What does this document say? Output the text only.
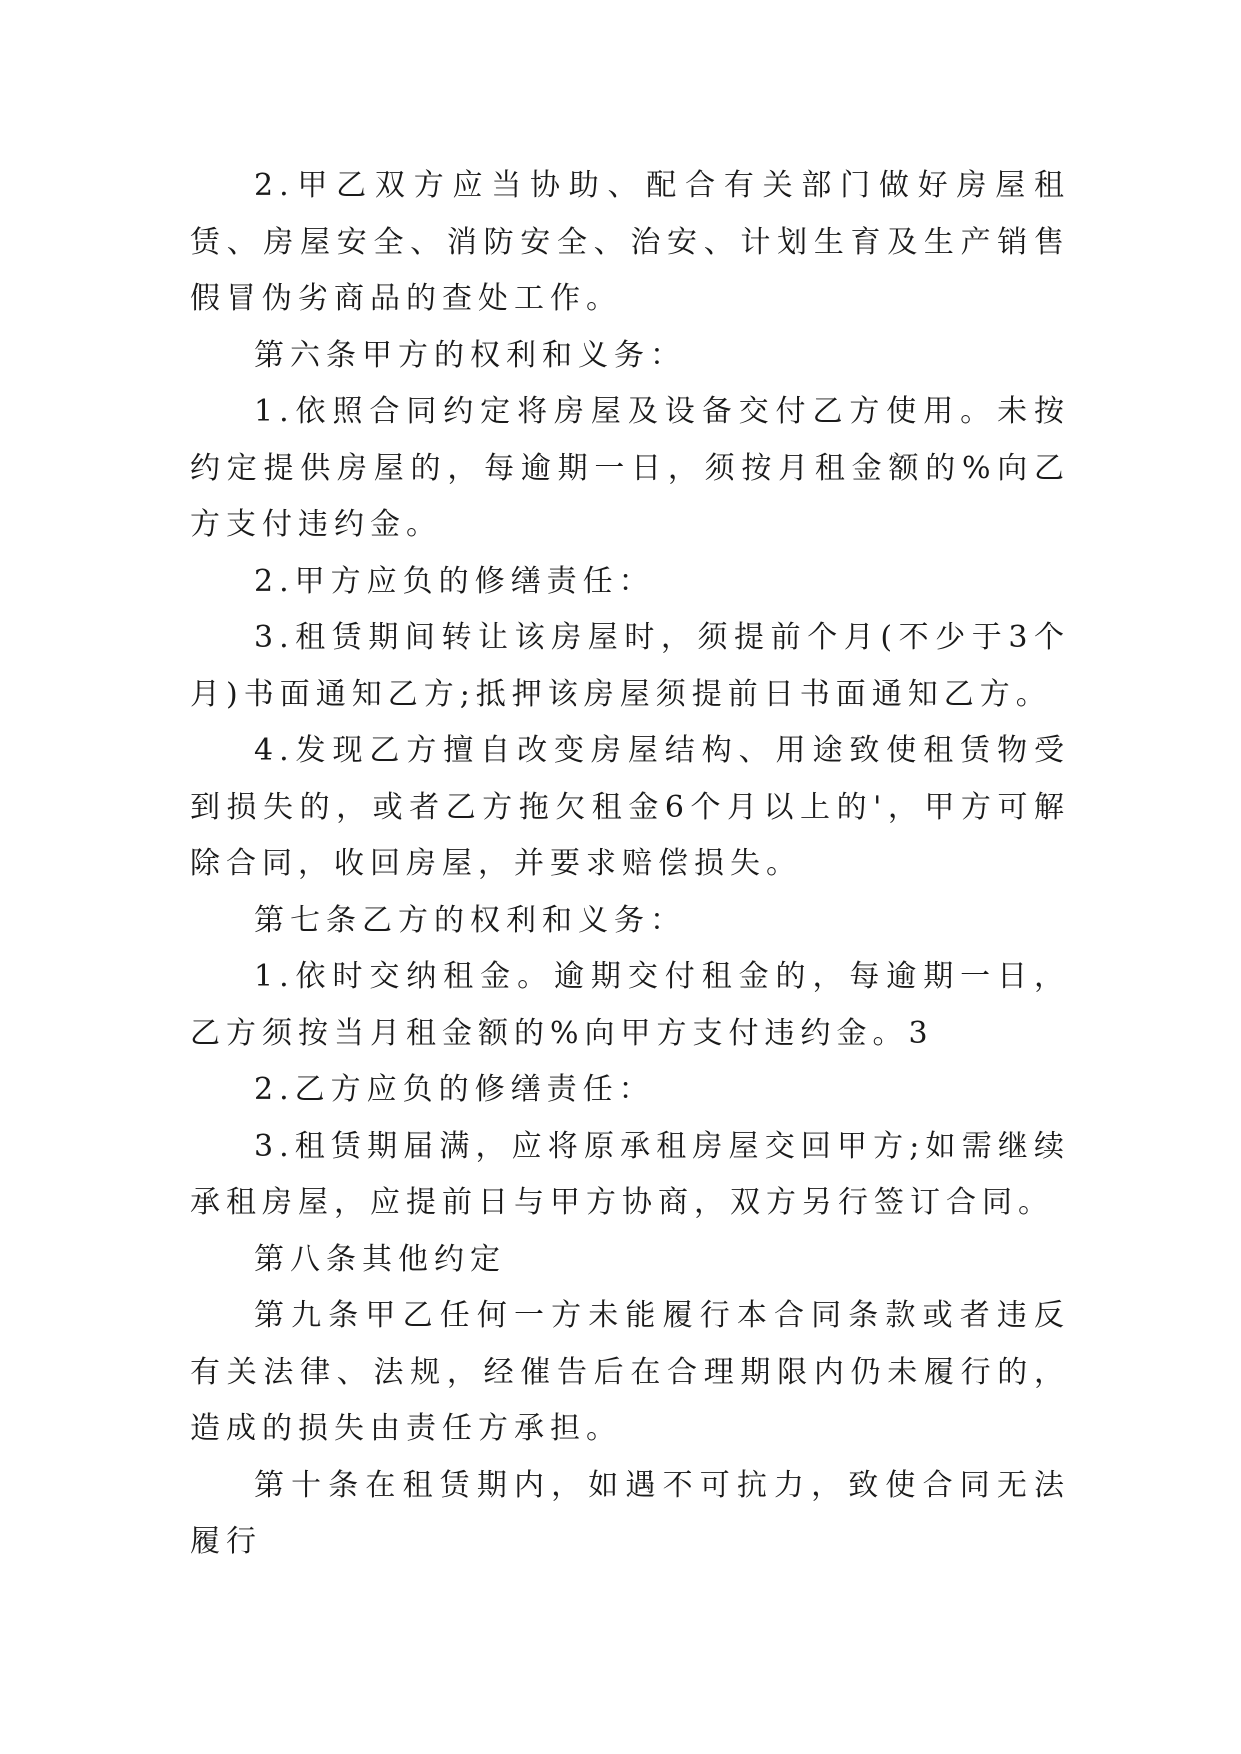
2.甲乙双方应当协助、配合有关部门做好房屋租赁、房屋安全、消防安全、治安、计划生育及生产销售假冒伪劣商品的查处工作。

第六条甲方的权利和义务：

1.依照合同约定将房屋及设备交付乙方使用。未按约定提供房屋的，每逾期一日，须按月租金额的%向乙方支付违约金。

2.甲方应负的修缮责任：

3.租赁期间转让该房屋时，须提前个月(不少于3个月)书面通知乙方;抵押该房屋须提前日书面通知乙方。

4.发现乙方擅自改变房屋结构、用途致使租赁物受到损失的，或者乙方拖欠租金6个月以上的'，甲方可解除合同，收回房屋，并要求赔偿损失。

第七条乙方的权利和义务：

1.依时交纳租金。逾期交付租金的，每逾期一日，乙方须按当月租金额的%向甲方支付违约金。3

2.乙方应负的修缮责任：

3.租赁期届满，应将原承租房屋交回甲方;如需继续承租房屋，应提前日与甲方协商，双方另行签订合同。

第八条其他约定

第九条甲乙任何一方未能履行本合同条款或者违反有关法律、法规，经催告后在合理期限内仍未履行的，造成的损失由责任方承担。

第十条在租赁期内，如遇不可抗力，致使合同无法履行
